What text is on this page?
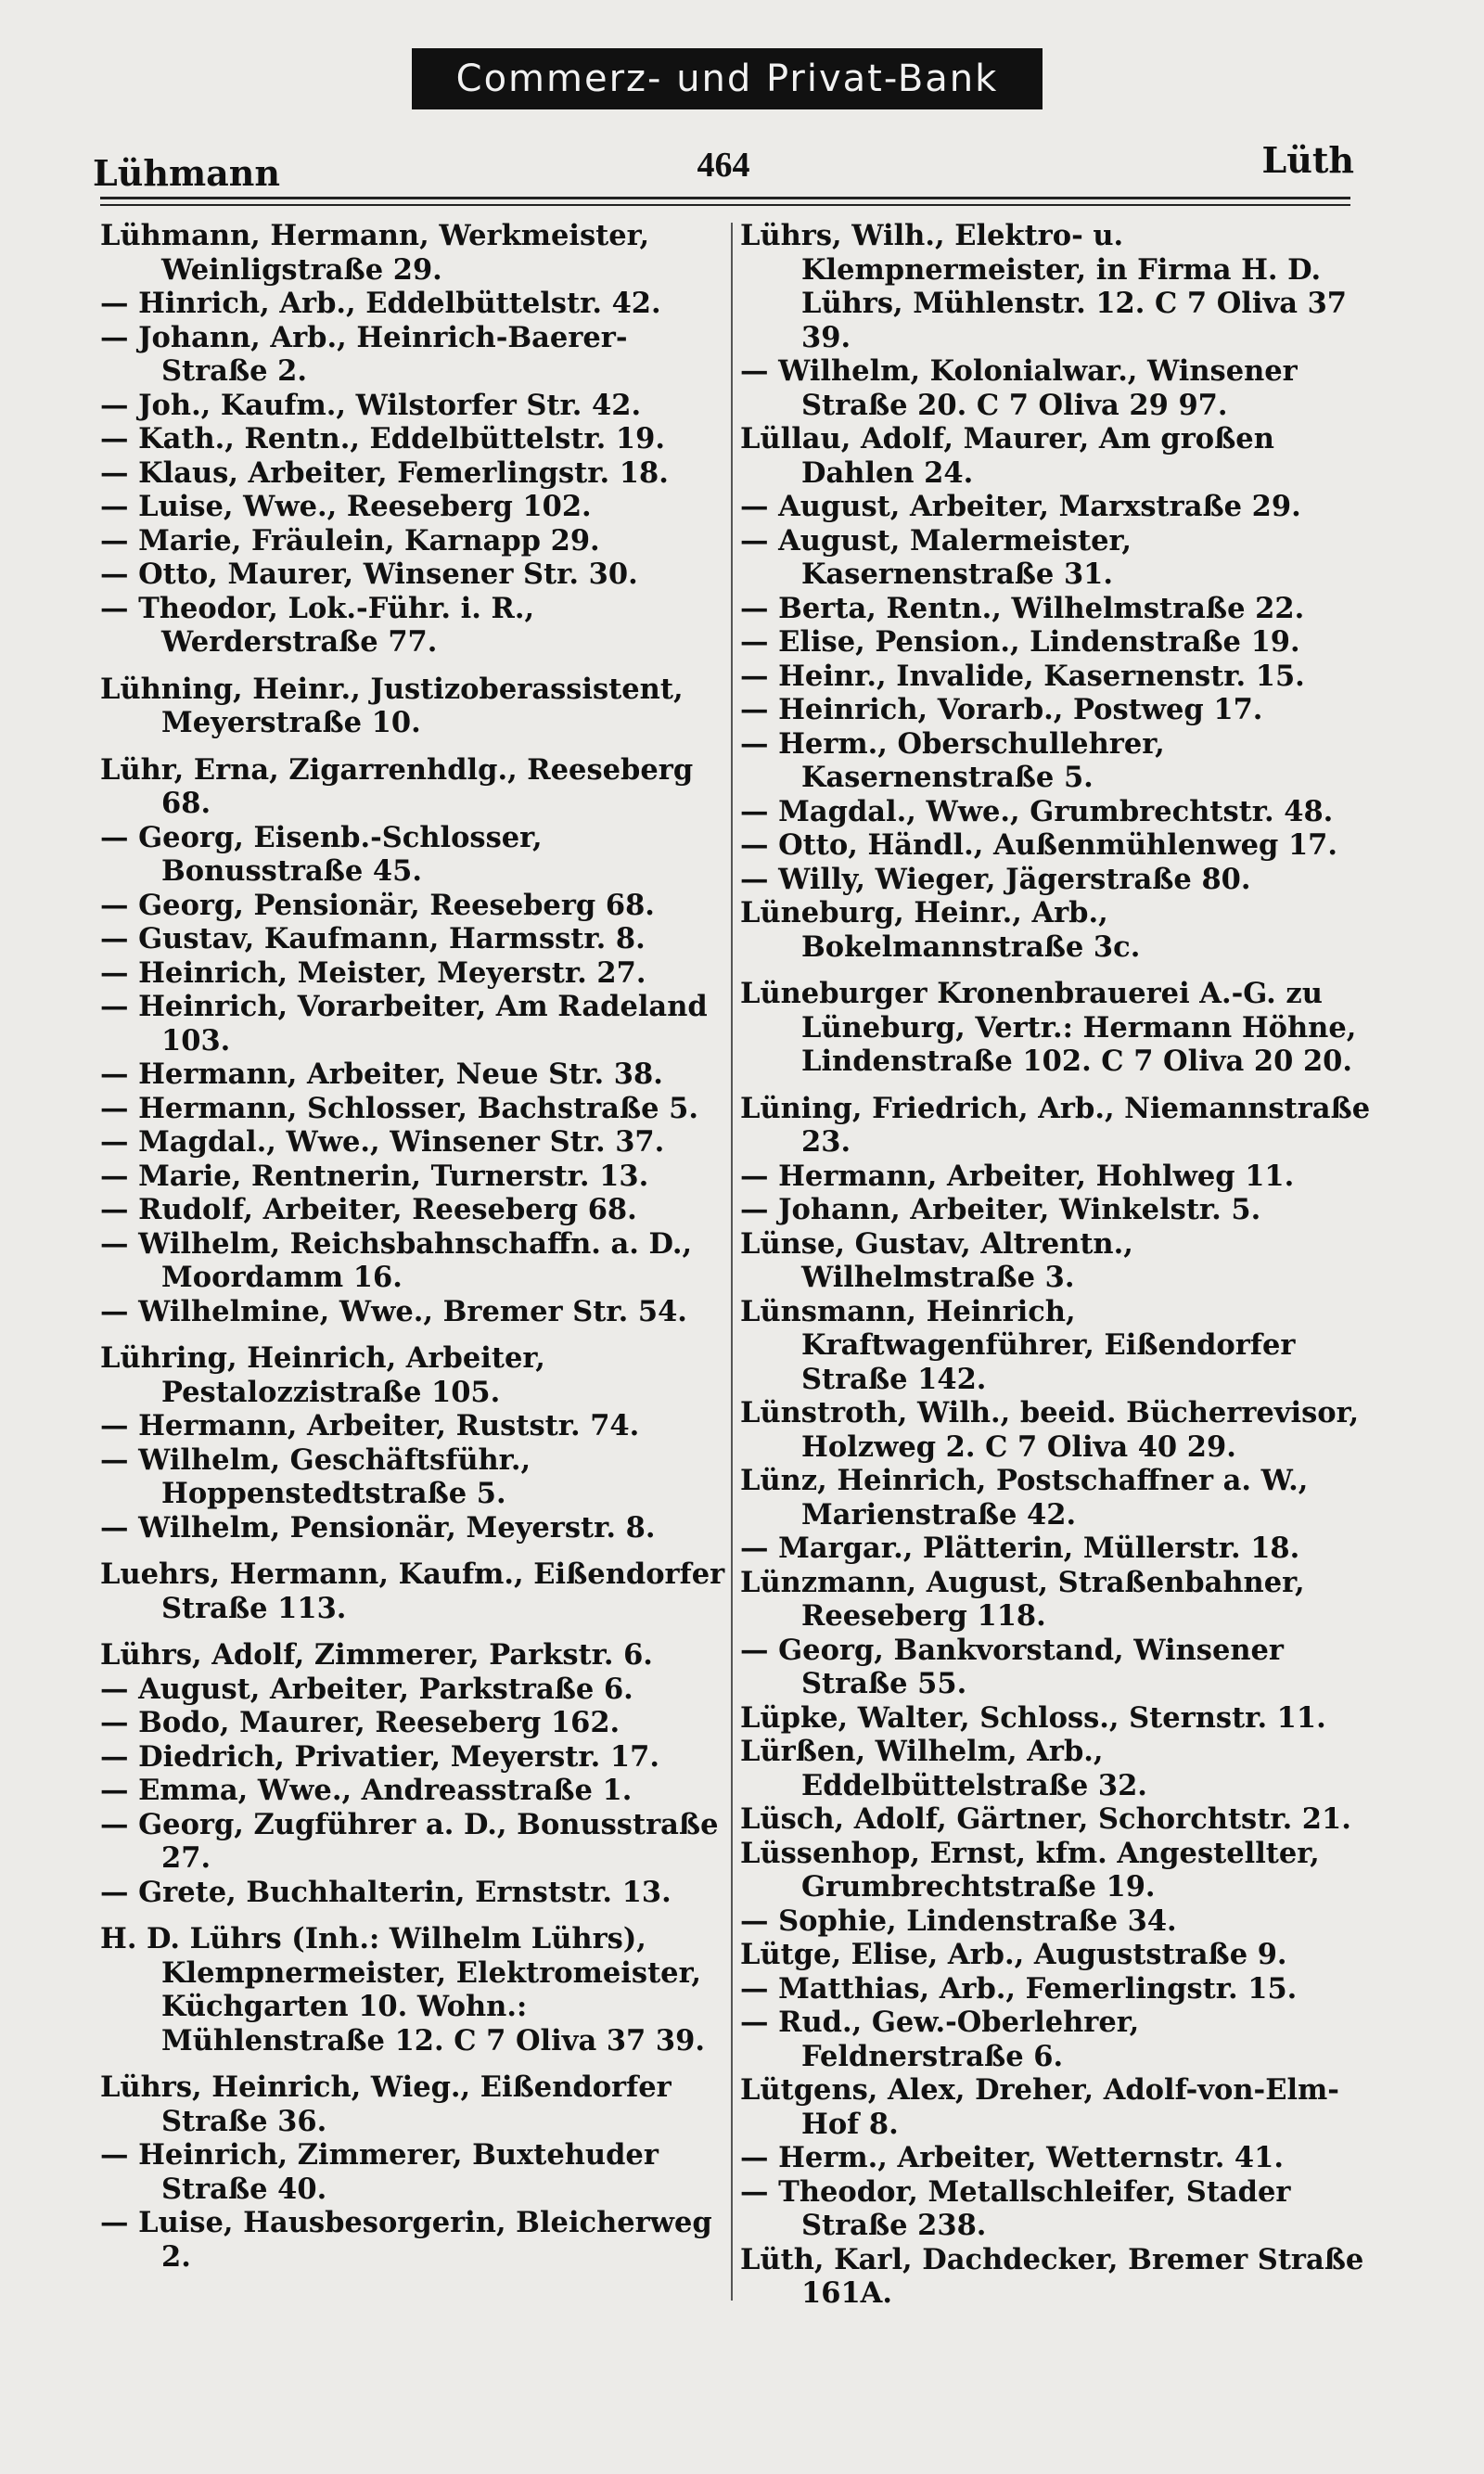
Commerz- und Privat-Bank
Lühmann	464	Lüth

Lühmann, Hermann, Werkmeister, Weinligstraße 29.

— Hinrich, Arb., Eddelbüttelstr. 42.

— Johann, Arb., Heinrich-Baerer-Straße 2.

— Joh., Kaufm., Wilstorfer Str. 42.

— Kath., Rentn., Eddelbüttelstr. 19.

— Klaus, Arbeiter, Femerlingstr. 18.

— Luise, Wwe., Reeseberg 102.

— Marie, Fräulein, Karnapp 29.

— Otto, Maurer, Winsener Str. 30.

— Theodor, Lok.-Führ. i. R., Werderstraße 77.

Lühning, Heinr., Justizoberassistent, Meyerstraße 10.

Lühr, Erna, Zigarrenhdlg., Reeseberg 68.

— Georg, Eisenb.-Schlosser, Bonusstraße 45.

— Georg, Pensionär, Reeseberg 68.

— Gustav, Kaufmann, Harmsstr. 8.

— Heinrich, Meister, Meyerstr. 27.

— Heinrich, Vorarbeiter, Am Radeland 103.

— Hermann, Arbeiter, Neue Str. 38.

— Hermann, Schlosser, Bachstraße 5.

— Magdal., Wwe., Winsener Str. 37.

— Marie, Rentnerin, Turnerstr. 13.

— Rudolf, Arbeiter, Reeseberg 68.

— Wilhelm, Reichsbahnschaffn. a. D., Moordamm 16.

— Wilhelmine, Wwe., Bremer Str. 54.

Lühring, Heinrich, Arbeiter, Pestalozzistraße 105.

— Hermann, Arbeiter, Ruststr. 74.

— Wilhelm, Geschäftsführ., Hoppenstedtstraße 5.

— Wilhelm, Pensionär, Meyerstr. 8.

Luehrs, Hermann, Kaufm., Eißendorfer Straße 113.

Lührs, Adolf, Zimmerer, Parkstr. 6.

— August, Arbeiter, Parkstraße 6.

— Bodo, Maurer, Reeseberg 162.

— Diedrich, Privatier, Meyerstr. 17.

— Emma, Wwe., Andreasstraße 1.

— Georg, Zugführer a. D., Bonusstraße 27.

— Grete, Buchhalterin, Ernststr. 13.

H. D. Lührs (Inh.: Wilhelm Lührs), Klempnermeister, Elektromeister, Küchgarten 10. Wohn.: Mühlenstraße 12. C 7 Oliva 37 39.

Lührs, Heinrich, Wieg., Eißendorfer Straße 36.

— Heinrich, Zimmerer, Buxtehuder Straße 40.

— Luise, Hausbesorgerin, Bleicherweg 2.

Lührs, Wilh., Elektro- u. Klempnermeister, in Firma H. D. Lührs, Mühlenstr. 12. C 7 Oliva 37 39.

— Wilhelm, Kolonialwar., Winsener Straße 20. C 7 Oliva 29 97.

Lüllau, Adolf, Maurer, Am großen Dahlen 24.

— August, Arbeiter, Marxstraße 29.

— August, Malermeister, Kasernenstraße 31.

— Berta, Rentn., Wilhelmstraße 22.

— Elise, Pension., Lindenstraße 19.

— Heinr., Invalide, Kasernenstr. 15.

— Heinrich, Vorarb., Postweg 17.

— Herm., Oberschullehrer, Kasernenstraße 5.

— Magdal., Wwe., Grumbrechtstr. 48.

— Otto, Händl., Außenmühlenweg 17.

— Willy, Wieger, Jägerstraße 80.

Lüneburg, Heinr., Arb., Bokelmannstraße 3c.

Lüneburger Kronenbrauerei A.-G. zu Lüneburg, Vertr.: Hermann Höhne, Lindenstraße 102. C 7 Oliva 20 20.

Lüning, Friedrich, Arb., Niemannstraße 23.

— Hermann, Arbeiter, Hohlweg 11.

— Johann, Arbeiter, Winkelstr. 5.

Lünse, Gustav, Altrentn., Wilhelmstraße 3.

Lünsmann, Heinrich, Kraftwagenführer, Eißendorfer Straße 142.

Lünstroth, Wilh., beeid. Bücherrevisor, Holzweg 2. C 7 Oliva 40 29.

Lünz, Heinrich, Postschaffner a. W., Marienstraße 42.

— Margar., Plätterin, Müllerstr. 18.

Lünzmann, August, Straßenbahner, Reeseberg 118.

— Georg, Bankvorstand, Winsener Straße 55.

Lüpke, Walter, Schloss., Sternstr. 11.

Lürßen, Wilhelm, Arb., Eddelbüttelstraße 32.

Lüsch, Adolf, Gärtner, Schorchtstr. 21.

Lüssenhop, Ernst, kfm. Angestellter, Grumbrechtstraße 19.

— Sophie, Lindenstraße 34.

Lütge, Elise, Arb., Auguststraße 9.

— Matthias, Arb., Femerlingstr. 15.

— Rud., Gew.-Oberlehrer, Feldnerstraße 6.

Lütgens, Alex, Dreher, Adolf-von-Elm-Hof 8.

— Herm., Arbeiter, Wetternstr. 41.

— Theodor, Metallschleifer, Stader Straße 238.

Lüth, Karl, Dachdecker, Bremer Straße 161A.
